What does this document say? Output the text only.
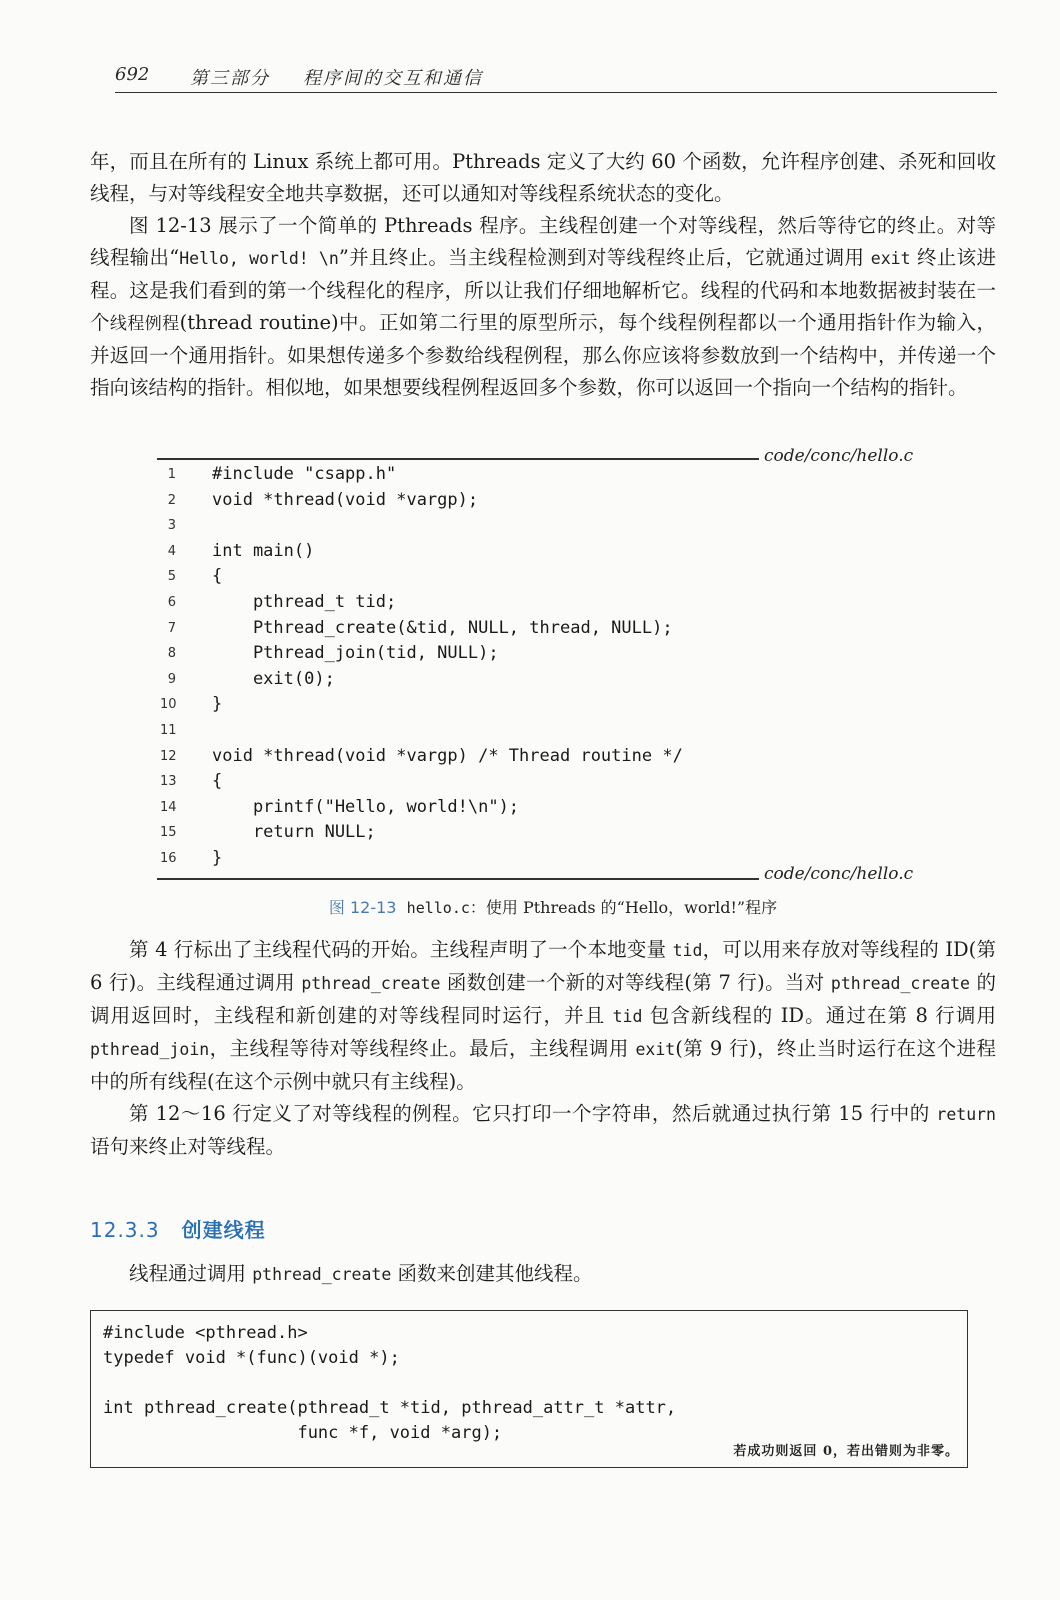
692 第三部分 程序间的交互和通信

年，而且在所有的 Linux 系统上都可用。Pthreads 定义了大约 60 个函数，允许程序创建、杀死和回收线程，与对等线程安全地共享数据，还可以通知对等线程系统状态的变化。

图 12-13 展示了一个简单的 Pthreads 程序。主线程创建一个对等线程，然后等待它的终止。对等线程输出“Hello, world! \n”并且终止。当主线程检测到对等线程终止后，它就通过调用 exit 终止该进程。这是我们看到的第一个线程化的程序，所以让我们仔细地解析它。线程的代码和本地数据被封装在一个线程例程(thread routine)中。正如第二行里的原型所示，每个线程例程都以一个通用指针作为输入，并返回一个通用指针。如果想传递多个参数给线程例程，那么你应该将参数放到一个结构中，并传递一个指向该结构的指针。相似地，如果想要线程例程返回多个参数，你可以返回一个指向一个结构的指针。

code/conc/hello.c
1 #include "csapp.h"
2 void *thread(void *vargp);
3
4 int main()
5 {
6 pthread_t tid;
7 Pthread_create(&tid, NULL, thread, NULL);
8 Pthread_join(tid, NULL);
9 exit(0);
10 }
11
12 void *thread(void *vargp) /* Thread routine */
13 {
14 printf("Hello, world!\n");
15 return NULL;
16 }
code/conc/hello.c
图 12-13 hello.c：使用 Pthreads 的“Hello，world!”程序

第 4 行标出了主线程代码的开始。主线程声明了一个本地变量 tid，可以用来存放对等线程的 ID(第 6 行)。主线程通过调用 pthread_create 函数创建一个新的对等线程(第 7 行)。当对 pthread_create 的调用返回时，主线程和新创建的对等线程同时运行，并且 tid 包含新线程的 ID。通过在第 8 行调用 pthread_join，主线程等待对等线程终止。最后，主线程调用 exit(第 9 行)，终止当时运行在这个进程中的所有线程(在这个示例中就只有主线程)。

第 12～16 行定义了对等线程的例程。它只打印一个字符串，然后就通过执行第 15 行中的 return 语句来终止对等线程。

12.3.3 创建线程

线程通过调用 pthread_create 函数来创建其他线程。

#include <pthread.h>
typedef void *(func)(void *);

int pthread_create(pthread_t *tid, pthread_attr_t *attr,
func *f, void *arg);
若成功则返回 0，若出错则为非零。
